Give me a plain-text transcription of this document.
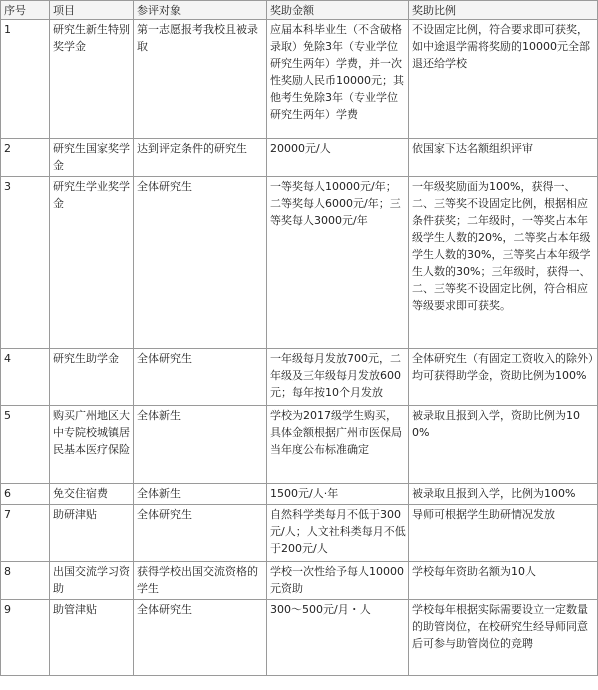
序号	项目	参评对象	奖助金额	奖助比例
1	研究生新生特别奖学金	第一志愿报考我校且被录取	应届本科毕业生（不含破格录取）免除3年（专业学位研究生两年）学费，并一次性奖励人民币10000元；其他考生免除3年（专业学位研究生两年）学费	不设固定比例，符合要求即可获奖，如中途退学需将奖励的10000元全部退还给学校
2	研究生国家奖学金	达到评定条件的研究生	20000元/人	依国家下达名额组织评审
3	研究生学业奖学金	全体研究生	一等奖每人10000元/年；二等奖每人6000元/年；三等奖每人3000元/年	一年级奖励面为100%，获得一、二、三等奖不设固定比例，根据相应条件获奖；二年级时，一等奖占本年级学生人数的20%，二等奖占本年级学生人数的30%，三等奖占本年级学生人数的30%；三年级时，获得一、二、三等奖不设固定比例，符合相应等级要求即可获奖。
4	研究生助学金	全体研究生	一年级每月发放700元，二年级及三年级每月发放600元；每年按10个月发放	全体研究生（有固定工资收入的除外）均可获得助学金，资助比例为100%
5	购买广州地区大中专院校城镇居民基本医疗保险	全体新生	学校为2017级学生购买，具体金额根据广州市医保局当年度公布标准确定	被录取且报到入学，资助比例为100%
6	免交住宿费	全体新生	1500元/人·年	被录取且报到入学，比例为100%
7	助研津贴	全体研究生	自然科学类每月不低于300元/人；人文社科类每月不低于200元/人	导师可根据学生助研情况发放
8	出国交流学习资助	获得学校出国交流资格的学生	学校一次性给予每人10000元资助	学校每年资助名额为10人
9	助管津贴	全体研究生	300～500元/月・人	学校每年根据实际需要设立一定数量的助管岗位，在校研究生经导师同意后可参与助管岗位的竞聘
